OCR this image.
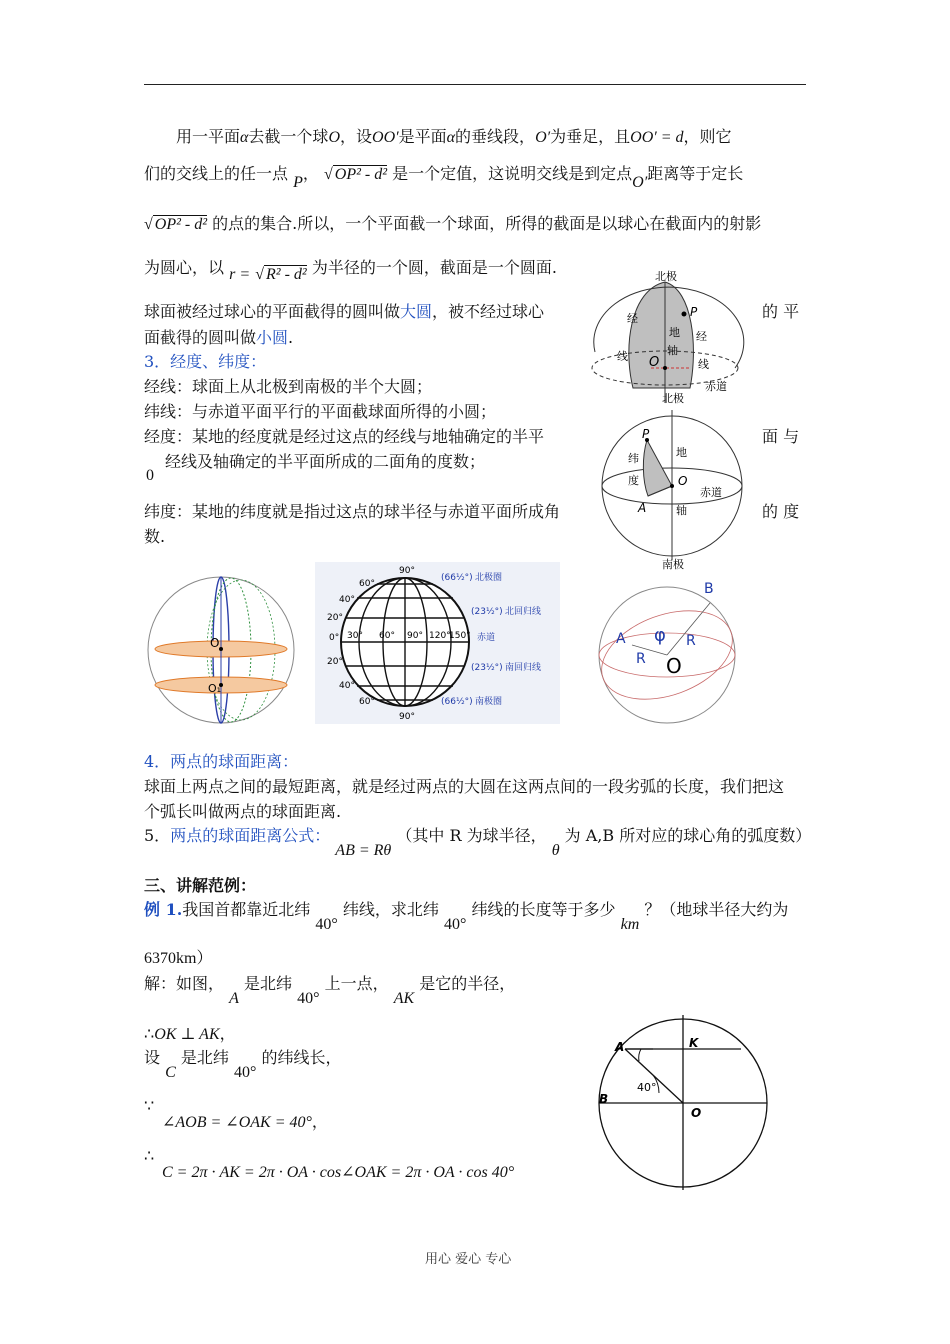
用一平面α去截一个球O，设OO′是平面α的垂线段，O′为垂足，且OO′ = d，则它
们的交线上的任一点 P， √ OP² - d² 是一个定值，这说明交线是到定点O′距离等于定长
√ OP² - d² 的点的集合.所以，一个平面截一个球面，所得的截面是以球心在截面内的射影
为圆心，以 r = √ R² - d² 为半径的一个圆，截面是一个圆面.
球面被经过球心的平面截得的圆叫做大圆，被不经过球心	的 平
面截得的圆叫做小圆.
3．经度、纬度：
经线：球面上从北极到南极的半个大圆；
纬线：与赤道平面平行的平面截球面所得的小圆；
经度：某地的经度就是经过这点的经线与地轴确定的半平	面 与
经线及轴确定的半平面所成的二面角的度数；
0
纬度：某地的纬度就是指过这点的球半径与赤道平面所成角	的 度
数.
北极
P
经
经
地
轴
线
线
O
赤道
北极
P
地
纬
度	O
赤道
A	轴
南极
O
O₁
90°
90°
60°
40°
20°
0°
20°
40°
60°
30° 60° 90° 120°
150°
(66½°) 北极圈
(23½°) 北回归线
赤道
(23½°) 南回归线
(66½°) 南极圈
B
A φ R
R O
4．两点的球面距离：
球面上两点之间的最短距离，就是经过两点的大圆在这两点间的一段劣弧的长度，我们把这
个弧长叫做两点的球面距离.
5．两点的球面距离公式： AB = Rθ （其中 R 为球半径， θ 为 A,B 所对应的球心角的弧度数）
三、讲解范例：
例 1.我国首都靠近北纬 40° 纬线，求北纬 40° 纬线的长度等于多少 km ？（地球半径大约为
6370km）
解：如图， A 是北纬 40° 上一点， AK 是它的半径，
∴OK ⊥ AK，
设 C 是北纬 40° 的纬线长，
∵
∠AOB = ∠OAK = 40°，
∴
C = 2π · AK = 2π · OA · cos∠OAK = 2π · OA · cos 40°
A	K
B
O
40°
用心 爱心 专心
